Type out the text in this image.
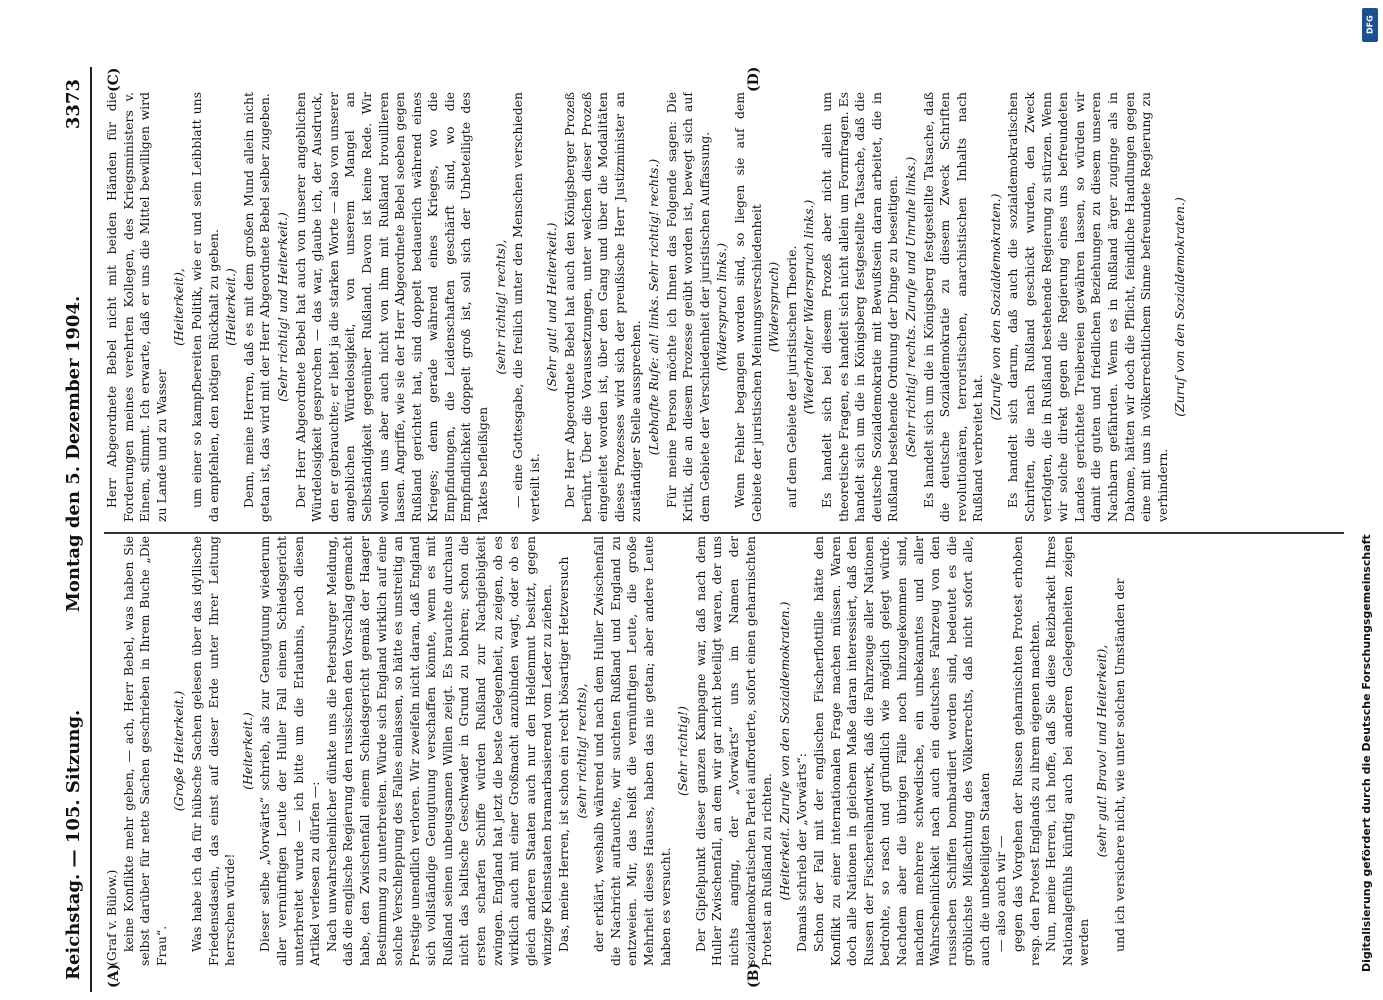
Reichstag. — 105. Sitzung.
Montag den 5. Dezember 1904.
3373

(Graf v. Bülow.) keine Konflikte mehr geben, — ach, Herr Bebel, was haben Sie selbst darüber für nette Sachen geschrieben in Ihrem Buche „Die Frau“.

(Große Heiterkeit.) Was habe ich da für hübsche Sachen gelesen über das idyllische Friedensdasein, das einst auf dieser Erde unter Ihrer Leitung herrschen würde!

(Heiterkeit.) Dieser selbe „Vorwärts“ schrieb, als zur Genugtuung wiederum aller vernünftigen Leute der Huller Fall einem Schiedsgericht unterbreitet wurde — ich bitte um die Erlaubnis, noch diesen Artikel verlesen zu dürfen —: Nach unwahrscheinlicher dünkte uns die Petersburger Meldung, daß die englische Regierung den russischen den Vorschlag gemacht habe, den Zwischenfall einem Schiedsgericht gemäß der Haager Bestimmung zu unterbreiten. Würde sich England wirklich auf eine solche Verschleppung des Falles einlassen, so hätte es unstreitig an Prestige unendlich verloren. Wir zweifeln nicht daran, daß England sich vollständige Genugtuung verschaffen könnte, wenn es mit Rußland seinen unbeugsamen Willen zeigt. Es brauchte durchaus nicht das baltische Geschwader in Grund zu bohren; schon die ersten scharfen Schiffe würden Rußland zur Nachgiebigkeit zwingen. England hat jetzt die beste Gelegenheit, zu zeigen, ob es wirklich auch mit einer Großmacht anzubinden wagt, oder ob es gleich anderen Staaten auch nur den Heldenmut besitzt, gegen winzige Kleinstaaten bramarbasierend vom Leder zu ziehen. Das, meine Herren, ist schon ein recht bösartiger Hetzversuch (sehr richtig! rechts), der erklärt, weshalb während und nach dem Huller Zwischenfall die Nachricht auftauchte, wir suchten Rußland und England zu entzweien. Mir, das heißt die vernünftigen Leute, die große Mehrheit dieses Hauses, haben das nie getan; aber andere Leute haben es versucht.

(Sehr richtig!) Der Gipfelpunkt dieser ganzen Kampagne war, daß nach dem Huller Zwischenfall, an dem wir gar nicht beteiligt waren, der uns nichts anging, der „Vorwärts“ uns im Namen der sozialdemokratischen Partei aufforderte, sofort einen geharnischten Protest an Rußland zu richten. (Heiterkeit. Zurufe von den Sozialdemokraten.) Damals schrieb der „Vorwärts“: Schon der Fall mit der englischen Fischerflottille hätte den Konflikt zu einer internationalen Frage machen müssen. Waren doch alle Nationen in gleichem Maße daran interessiert, daß den Russen der Fischereihandwerk, daß die Fahrzeuge aller Nationen bedrohte, so rasch und gründlich wie möglich gelegt würde. Nachdem aber die übrigen Fälle noch hinzugekommen sind, nachdem mehrere schwedische, ein unbekanntes und aller Wahrscheinlichkeit nach auch ein deutsches Fahrzeug von den russischen Schiffen bombardiert worden sind, bedeutet es die gröblichste Mißachtung des Völkerrechts, daß nicht sofort alle, auch die unbeteiligten Staaten — also auch wir — gegen das Vorgehen der Russen geharnischten Protest erhoben resp. den Protest Englands zu ihrem eigenen machten. Nun, meine Herren, ich hoffe, daß Sie diese Reizbarkeit Ihres Nationalgefühls künftig auch bei anderen Gelegenheiten zeigen werden

(sehr gut! Bravo! und Heiterkeit), und ich versichere nicht, wie unter solchen Umständen der

Herr Abgeordnete Bebel nicht mit beiden Händen für die Forderungen meines verehrten Kollegen, des Kriegsministers v. Einem, stimmt. Ich erwarte, daß er uns die Mittel bewilligen wird zu Lande und zu Wasser

(Heiterkeit), um einer so kampfbereiten Politik, wie er und sein Leibblatt uns da empfehlen, den nötigen Rückhalt zu geben. (Heiterkeit.) Denn, meine Herren, daß es mit dem großen Mund allein nicht getan ist, das wird mit der Herr Abgeordnete Bebel selber zugeben. (Sehr richtig! und Heiterkeit.) Der Herr Abgeordnete Bebel hat auch von unserer angeblichen Würdelosigkeit gesprochen — das war, glaube ich, der Ausdruck, den er gebrauchte; er liebt ja die starken Worte — also von unserer angeblichen Würdelosigkeit, von unserem Mangel an Selbständigkeit gegenüber Rußland. Davon ist keine Rede. Wir wollen uns aber auch nicht von ihm mit Rußland brouillieren lassen. Angriffe, wie sie der Herr Abgeordnete Bebel soeben gegen Rußland gerichtet hat, sind doppelt bedauerlich während eines Krieges; denn gerade während eines Krieges, wo die Empfindungen, die Leidenschaften geschärft sind, wo die Empfindlichkeit doppelt groß ist, soll sich der Unbeteiligte des Taktes befleißigen

(sehr richtig! rechts), — eine Gottesgabe, die freilich unter den Menschen verschieden verteilt ist.

(Sehr gut! und Heiterkeit.) Der Herr Abgeordnete Bebel hat auch den Königsberger Prozeß berührt. Über die Voraussetzungen, unter welchen dieser Prozeß eingeleitet worden ist, über den Gang und über die Modalitäten dieses Prozesses wird sich der preußische Herr Justizminister an zuständiger Stelle aussprechen. (Lebhafte Rufe: ah! links. Sehr richtig! rechts.) Für meine Person möchte ich Ihnen das Folgende sagen: Die Kritik, die an diesem Prozesse geübt worden ist, bewegt sich auf dem Gebiete der Verschiedenheit der juristischen Auffassung. (Widerspruch links.) Wenn Fehler begangen worden sind, so liegen sie auf dem Gebiete der juristischen Meinungsverschiedenheit (Widerspruch) auf dem Gebiete der juristischen Theorie. (Wiederholter Widerspruch links.) Es handelt sich bei diesem Prozeß aber nicht allein um theoretische Fragen, es handelt sich nicht allein um Formfragen. Es handelt sich um die in Königsberg festgestellte Tatsache, daß die deutsche Sozialdemokratie mit Bewußtsein daran arbeitet, die in Rußland bestehende Ordnung der Dinge zu beseitigen. (Sehr richtig! rechts. Zurufe und Unruhe links.) Es handelt sich um die in Königsberg festgestellte Tatsache, daß die deutsche Sozialdemokratie zu diesem Zweck Schriften revolutionären, terroristischen, anarchistischen Inhalts nach Rußland verbreitet hat.

(Zurufe von den Sozialdemokraten.) Es handelt sich darum, daß auch die sozialdemokratischen Schriften, die nach Rußland geschickt wurden, den Zweck verfolgten, die in Rußland bestehende Regierung zu stürzen. Wenn wir solche direkt gegen die Regierung eines uns befreundeten Landes gerichtete Treibereien gewähren lassen, so würden wir damit die guten und friedlichen Beziehungen zu diesem unseren Nachbarn gefährden. Wenn es in Rußland ärger zuginge als in Dahome, hätten wir doch die Pflicht, feindliche Handlungen gegen eine mit uns in völkerrechtlichem Sinne befreundete Regierung zu verhindern.

(Zuruf von den Sozialdemokraten.)

(A)	(B)
(C)	(D)
DFG
Digitalisierung gefördert durch die Deutsche Forschungsgemeinschaft
